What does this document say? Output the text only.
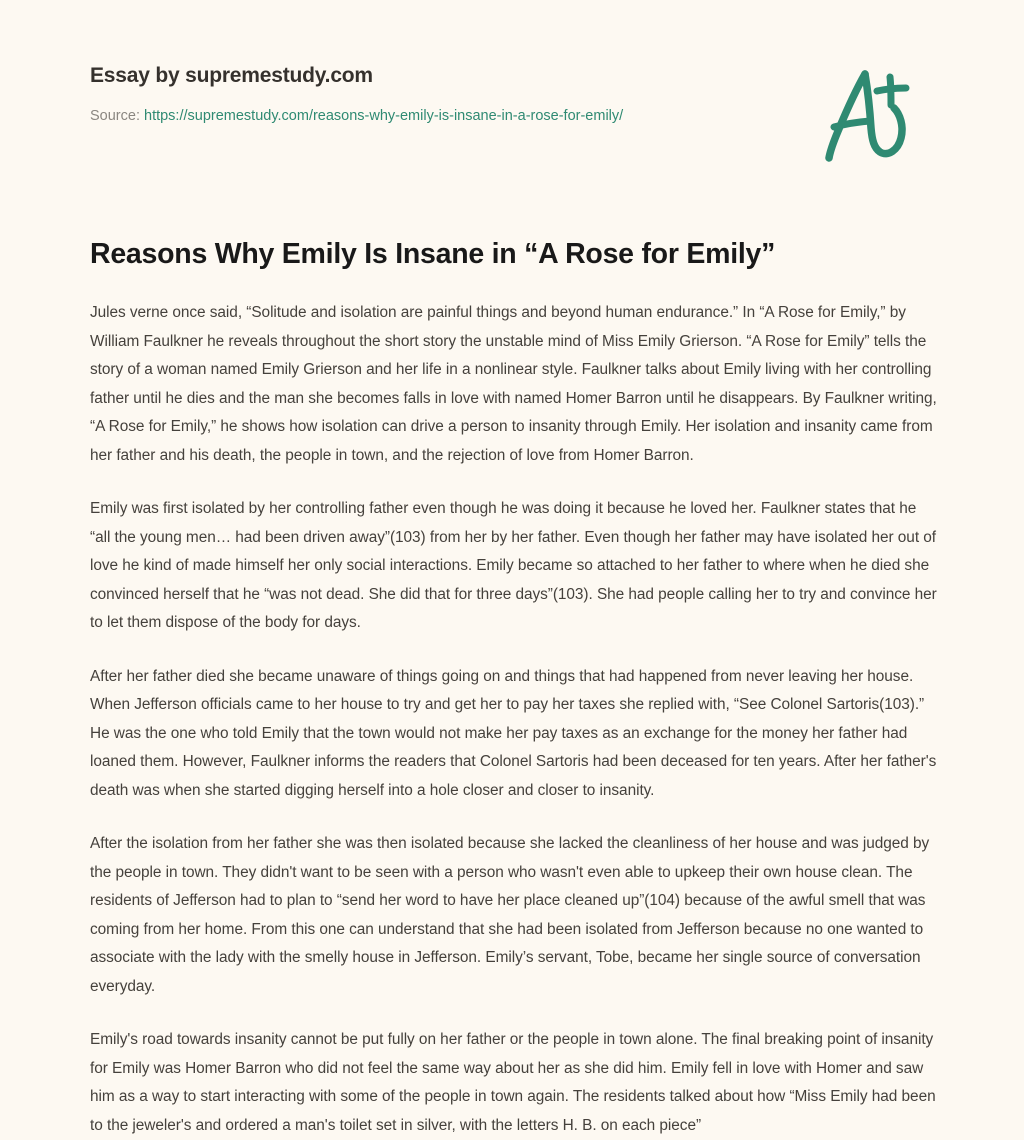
Essay by supremestudy.com
Source: https://supremestudy.com/reasons-why-emily-is-insane-in-a-rose-for-emily/
Reasons Why Emily Is Insane in “A Rose for Emily”

Jules verne once said, “Solitude and isolation are painful things and beyond human endurance.” In “A Rose for Emily,” by William Faulkner he reveals throughout the short story the unstable mind of Miss Emily Grierson. “A Rose for Emily” tells the story of a woman named Emily Grierson and her life in a nonlinear style. Faulkner talks about Emily living with her controlling father until he dies and the man she becomes falls in love with named Homer Barron until he disappears. By Faulkner writing, “A Rose for Emily,” he shows how isolation can drive a person to insanity through Emily. Her isolation and insanity came from her father and his death, the people in town, and the rejection of love from Homer Barron.

Emily was first isolated by her controlling father even though he was doing it because he loved her. Faulkner states that he “all the young men… had been driven away”(103) from her by her father. Even though her father may have isolated her out of love he kind of made himself her only social interactions. Emily became so attached to her father to where when he died she convinced herself that he “was not dead. She did that for three days”(103). She had people calling her to try and convince her to let them dispose of the body for days.

After her father died she became unaware of things going on and things that had happened from never leaving her house. When Jefferson officials came to her house to try and get her to pay her taxes she replied with, “See Colonel Sartoris(103).” He was the one who told Emily that the town would not make her pay taxes as an exchange for the money her father had loaned them. However, Faulkner informs the readers that Colonel Sartoris had been deceased for ten years. After her father's death was when she started digging herself into a hole closer and closer to insanity.

After the isolation from her father she was then isolated because she lacked the cleanliness of her house and was judged by the people in town. They didn't want to be seen with a person who wasn't even able to upkeep their own house clean. The residents of Jefferson had to plan to “send her word to have her place cleaned up”(104) because of the awful smell that was coming from her home. From this one can understand that she had been isolated from Jefferson because no one wanted to associate with the lady with the smelly house in Jefferson. Emily’s servant, Tobe, became her single source of conversation everyday.

Emily's road towards insanity cannot be put fully on her father or the people in town alone. The final breaking point of insanity for Emily was Homer Barron who did not feel the same way about her as she did him. Emily fell in love with Homer and saw him as a way to start interacting with some of the people in town again. The residents talked about how “Miss Emily had been to the jeweler's and ordered a man's toilet set in silver, with the letters H. B. on each piece”
